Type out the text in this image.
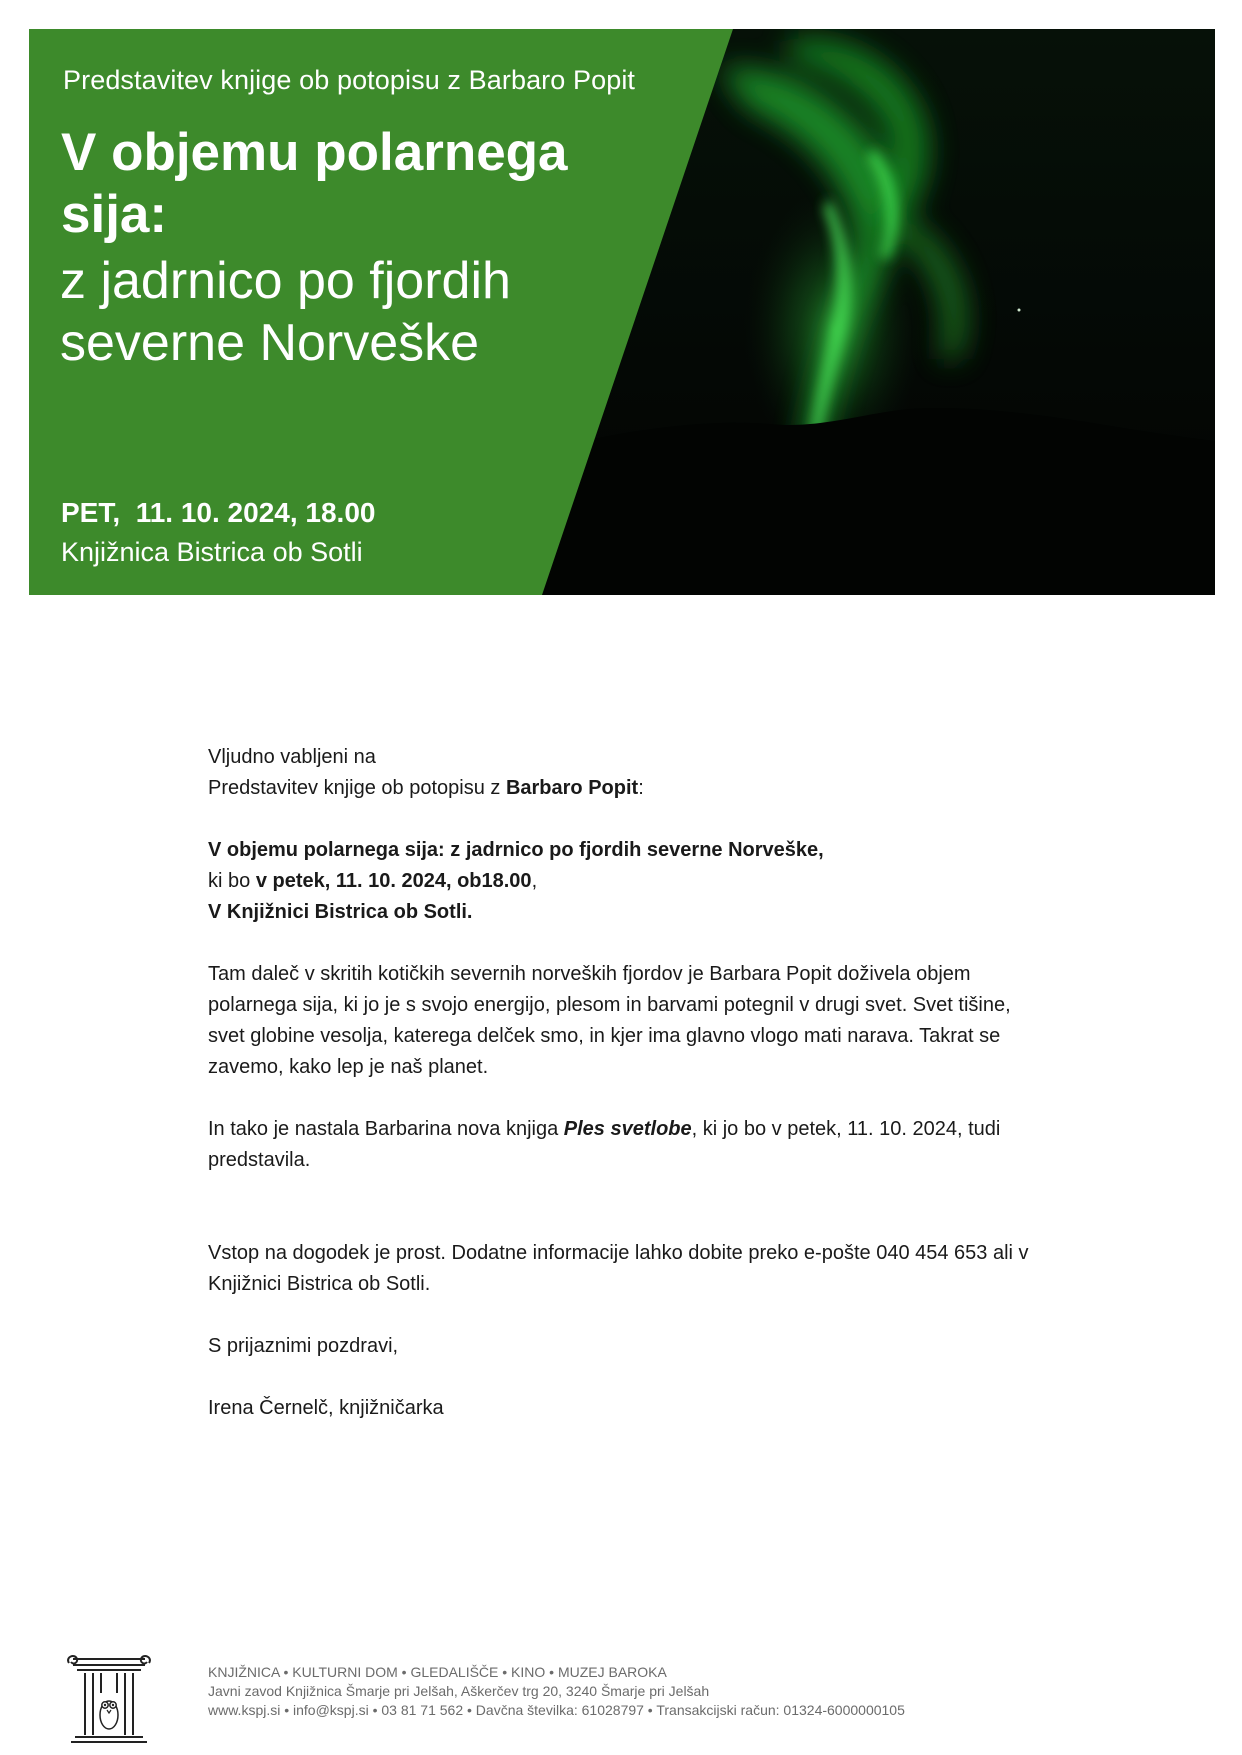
Predstavitev knjige ob potopisu z Barbaro Popit
V objemu polarnega sija:
z jadrnico po fjordih severne Norveške
PET,  11. 10. 2024, 18.00
Knjižnica Bistrica ob Sotli

Vljudno vabljeni na

Predstavitev knjige ob potopisu z Barbaro Popit:

V objemu polarnega sija: z jadrnico po fjordih severne Norveške,

ki bo v petek, 11. 10. 2024, ob18.00,

V Knjižnici Bistrica ob Sotli.

Tam daleč v skritih kotičkih severnih norveških fjordov je Barbara Popit doživela objem

polarnega sija, ki jo je s svojo energijo, plesom in barvami potegnil v drugi svet. Svet tišine,

svet globine vesolja, katerega delček smo, in kjer ima glavno vlogo mati narava. Takrat se

zavemo, kako lep je naš planet.

In tako je nastala Barbarina nova knjiga Ples svetlobe, ki jo bo v petek, 11. 10. 2024, tudi

predstavila.

Vstop na dogodek je prost. Dodatne informacije lahko dobite preko e-pošte 040 454 653 ali v

Knjižnici Bistrica ob Sotli.

S prijaznimi pozdravi,

Irena Černelč, knjižničarka

KNJIŽNICA • KULTURNI DOM • GLEDALIŠČE • KINO • MUZEJ BAROKA

Javni zavod Knjižnica Šmarje pri Jelšah, Aškerčev trg 20, 3240 Šmarje pri Jelšah

www.kspj.si • info@kspj.si • 03 81 71 562 • Davčna številka: 61028797 • Transakcijski račun: 01324-6000000105
